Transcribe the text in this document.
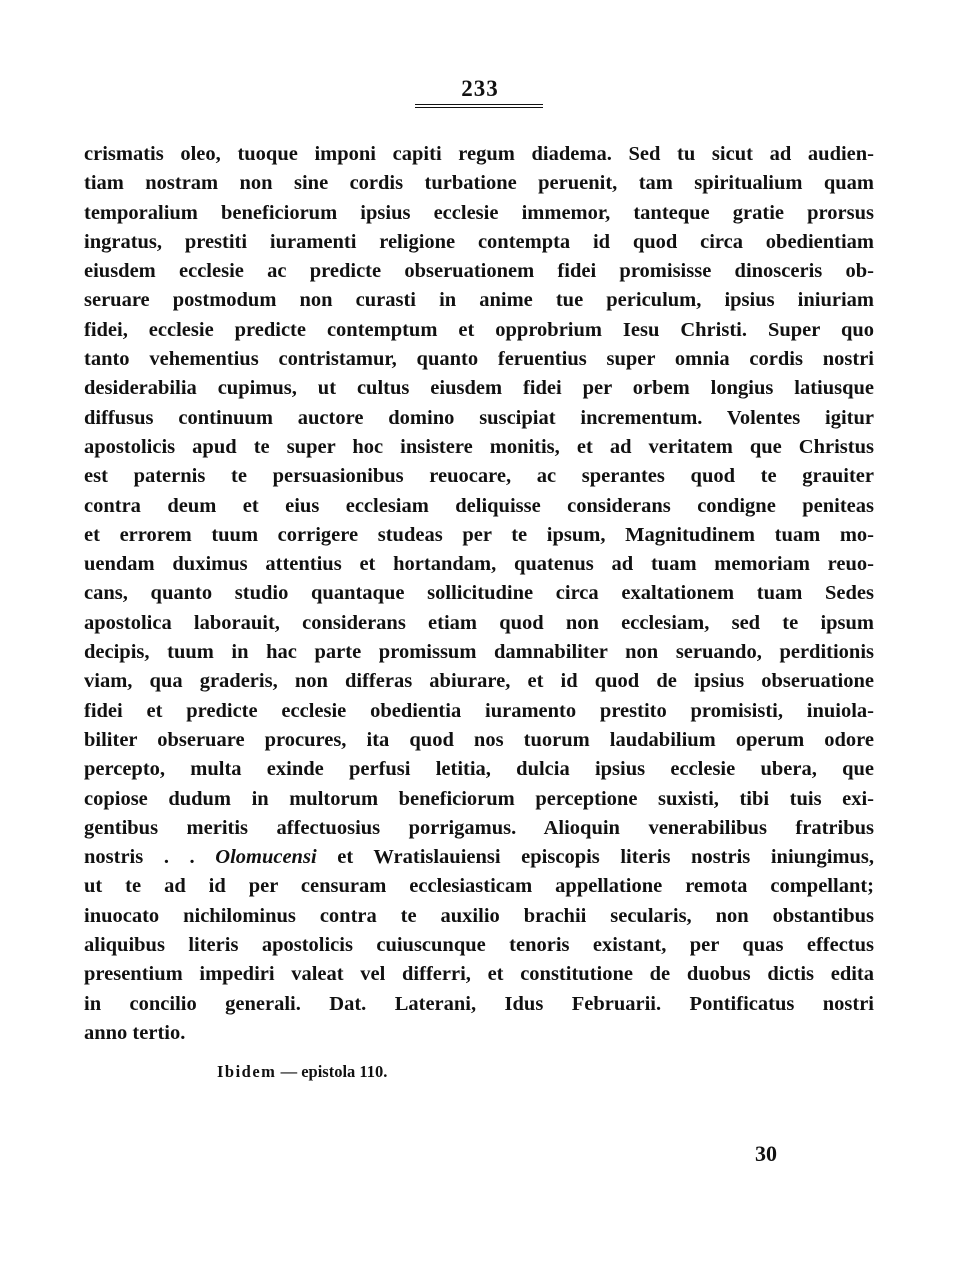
233
crismatis oleo, tuoque imponi capiti regum diadema. Sed tu sicut ad audien-
tiam nostram non sine cordis turbatione peruenit, tam spiritualium quam
temporalium beneficiorum ipsius ecclesie immemor, tanteque gratie prorsus
ingratus, prestiti iuramenti religione contempta id quod circa obedientiam
eiusdem ecclesie ac predicte obseruationem fidei promisisse dinosceris ob-
seruare postmodum non curasti in anime tue periculum, ipsius iniuriam
fidei, ecclesie predicte contemptum et opprobrium Iesu Christi. Super quo
tanto vehementius contristamur, quanto feruentius super omnia cordis nostri
desiderabilia cupimus, ut cultus eiusdem fidei per orbem longius latiusque
diffusus continuum auctore domino suscipiat incrementum. Volentes igitur
apostolicis apud te super hoc insistere monitis, et ad veritatem que Christus
est paternis te persuasionibus reuocare, ac sperantes quod te grauiter
contra deum et eius ecclesiam deliquisse considerans condigne peniteas
et errorem tuum corrigere studeas per te ipsum, Magnitudinem tuam mo-
uendam duximus attentius et hortandam, quatenus ad tuam memoriam reuo-
cans, quanto studio quantaque sollicitudine circa exaltationem tuam Sedes
apostolica laborauit, considerans etiam quod non ecclesiam, sed te ipsum
decipis, tuum in hac parte promissum damnabiliter non seruando, perditionis
viam, qua graderis, non differas abiurare, et id quod de ipsius obseruatione
fidei et predicte ecclesie obedientia iuramento prestito promisisti, inuiola-
biliter obseruare procures, ita quod nos tuorum laudabilium operum odore
percepto, multa exinde perfusi letitia, dulcia ipsius ecclesie ubera, que
copiose dudum in multorum beneficiorum perceptione suxisti, tibi tuis exi-
gentibus meritis affectuosius porrigamus. Alioquin venerabilibus fratribus
nostris . . Olomucensi et Wratislauiensi episcopis literis nostris iniungimus,
ut te ad id per censuram ecclesiasticam appellatione remota compellant;
inuocato nichilominus contra te auxilio brachii secularis, non obstantibus
aliquibus literis apostolicis cuiuscunque tenoris existant, per quas effectus
presentium impediri valeat vel differri, et constitutione de duobus dictis edita
in concilio generali. Dat. Laterani, Idus Februarii. Pontificatus nostri
anno tertio.
Ibidem — epistola 110.
30
